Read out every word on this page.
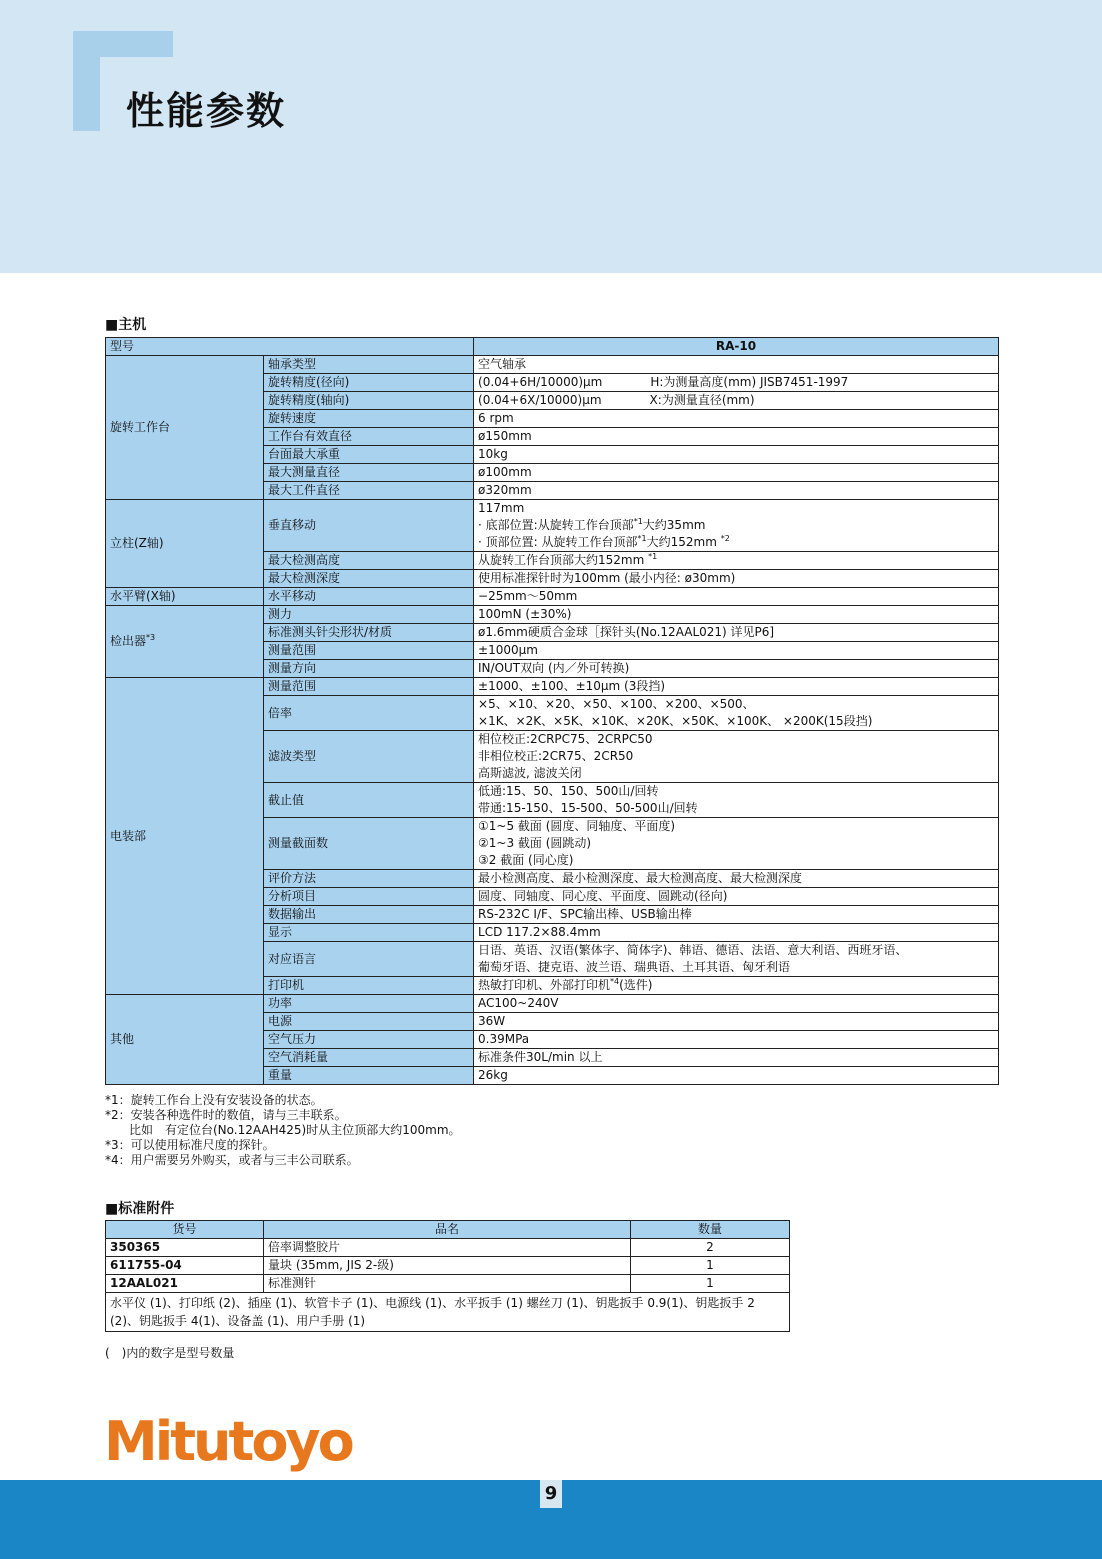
性能参数
■主机
型号		RA-10
旋转工作台	轴承类型	空气轴承

	旋转精度(径向)	(0.04+6H/10000)µm　　　　H:为测量高度(mm) JISB7451-1997

	旋转精度(轴向)	(0.04+6X/10000)µm　　　　X:为测量直径(mm)

	旋转速度	6 rpm

	工作台有效直径	ø150mm

	台面最大承重	10kg

	最大测量直径	ø100mm

	最大工件直径	ø320mm

立柱(Z轴)	垂直移动	117mm
· 底部位置:从旋转工作台顶部$^{*1}$大约35mm
· 顶部位置: 从旋转工作台顶部$^{*1}$大约152mm $^{*2}$

	最大检测高度	从旋转工作台顶部大约152mm $^{*1}$

	最大检测深度	使用标准探针时为100mm (最小内径: ø30mm)

水平臂(X轴)	水平移动	−25mm～50mm

检出器$^{*3}$	测力	100mN (±30%)

	标准测头针尖形状/材质	ø1.6mm硬质合金球［探针头(No.12AAL021) 详见P6]

	测量范围	±1000µm

	测量方向	IN/OUT双向 (内／外可转换)

电装部	测量范围	±1000、±100、±10µm (3段挡)

	倍率	×5、×10、×20、×50、×100、×200、×500、
×1K、×2K、×5K、×10K、×20K、×50K、×100K、 ×200K(15段挡)

	滤波类型	相位校正:2CRPC75、2CRPC50
非相位校正:2CR75、2CR50
高斯滤波, 滤波关闭

	截止值	低通:15、50、150、500山/回转
带通:15-150、15-500、50-500山/回转

	测量截面数	①1~5 截面 (圆度、同轴度、平面度)
②1~3 截面 (圆跳动)
③2 截面 (同心度)

	评价方法	最小检测高度、最小检测深度、最大检测高度、最大检测深度

	分析项目	圆度、同轴度、同心度、平面度、圆跳动(径向)

	数据输出	RS-232C I/F、SPC输出棒、USB输出棒

	显示	LCD 117.2×88.4mm

	对应语言	日语、英语、汉语(繁体字、简体字)、韩语、德语、法语、意大利语、西班牙语、
葡萄牙语、捷克语、波兰语、瑞典语、土耳其语、匈牙利语

	打印机	热敏打印机、外部打印机$^{*4}$(选件)

其他	功率	AC100~240V

	电源	36W

	空气压力	0.39MPa

	空气消耗量	标准条件30L/min 以上

	重量	26kg
*1：旋转工作台上没有安装设备的状态。
*2：安装各种选件时的数值，请与三丰联系。
　　比如　有定位台(No.12AAH425)时从主位顶部大约100mm。
*3：可以使用标准尺度的探针。
*4：用户需要另外购买，或者与三丰公司联系。
■标准附件
货号	品名	数量
350365	倍率调整胶片	2
611755-04	量块 (35mm, JIS 2-级)	1
12AAL021	标准测针	1
水平仪 (1)、打印纸 (2)、插座 (1)、软管卡子 (1)、电源线 (1)、水平扳手 (1) 螺丝刀 (1)、钥匙扳手 0.9(1)、钥匙扳手 2 (2)、钥匙扳手 4(1)、设备盖 (1)、用户手册 (1)		
(　)内的数字是型号数量
Mitutoyo
9
